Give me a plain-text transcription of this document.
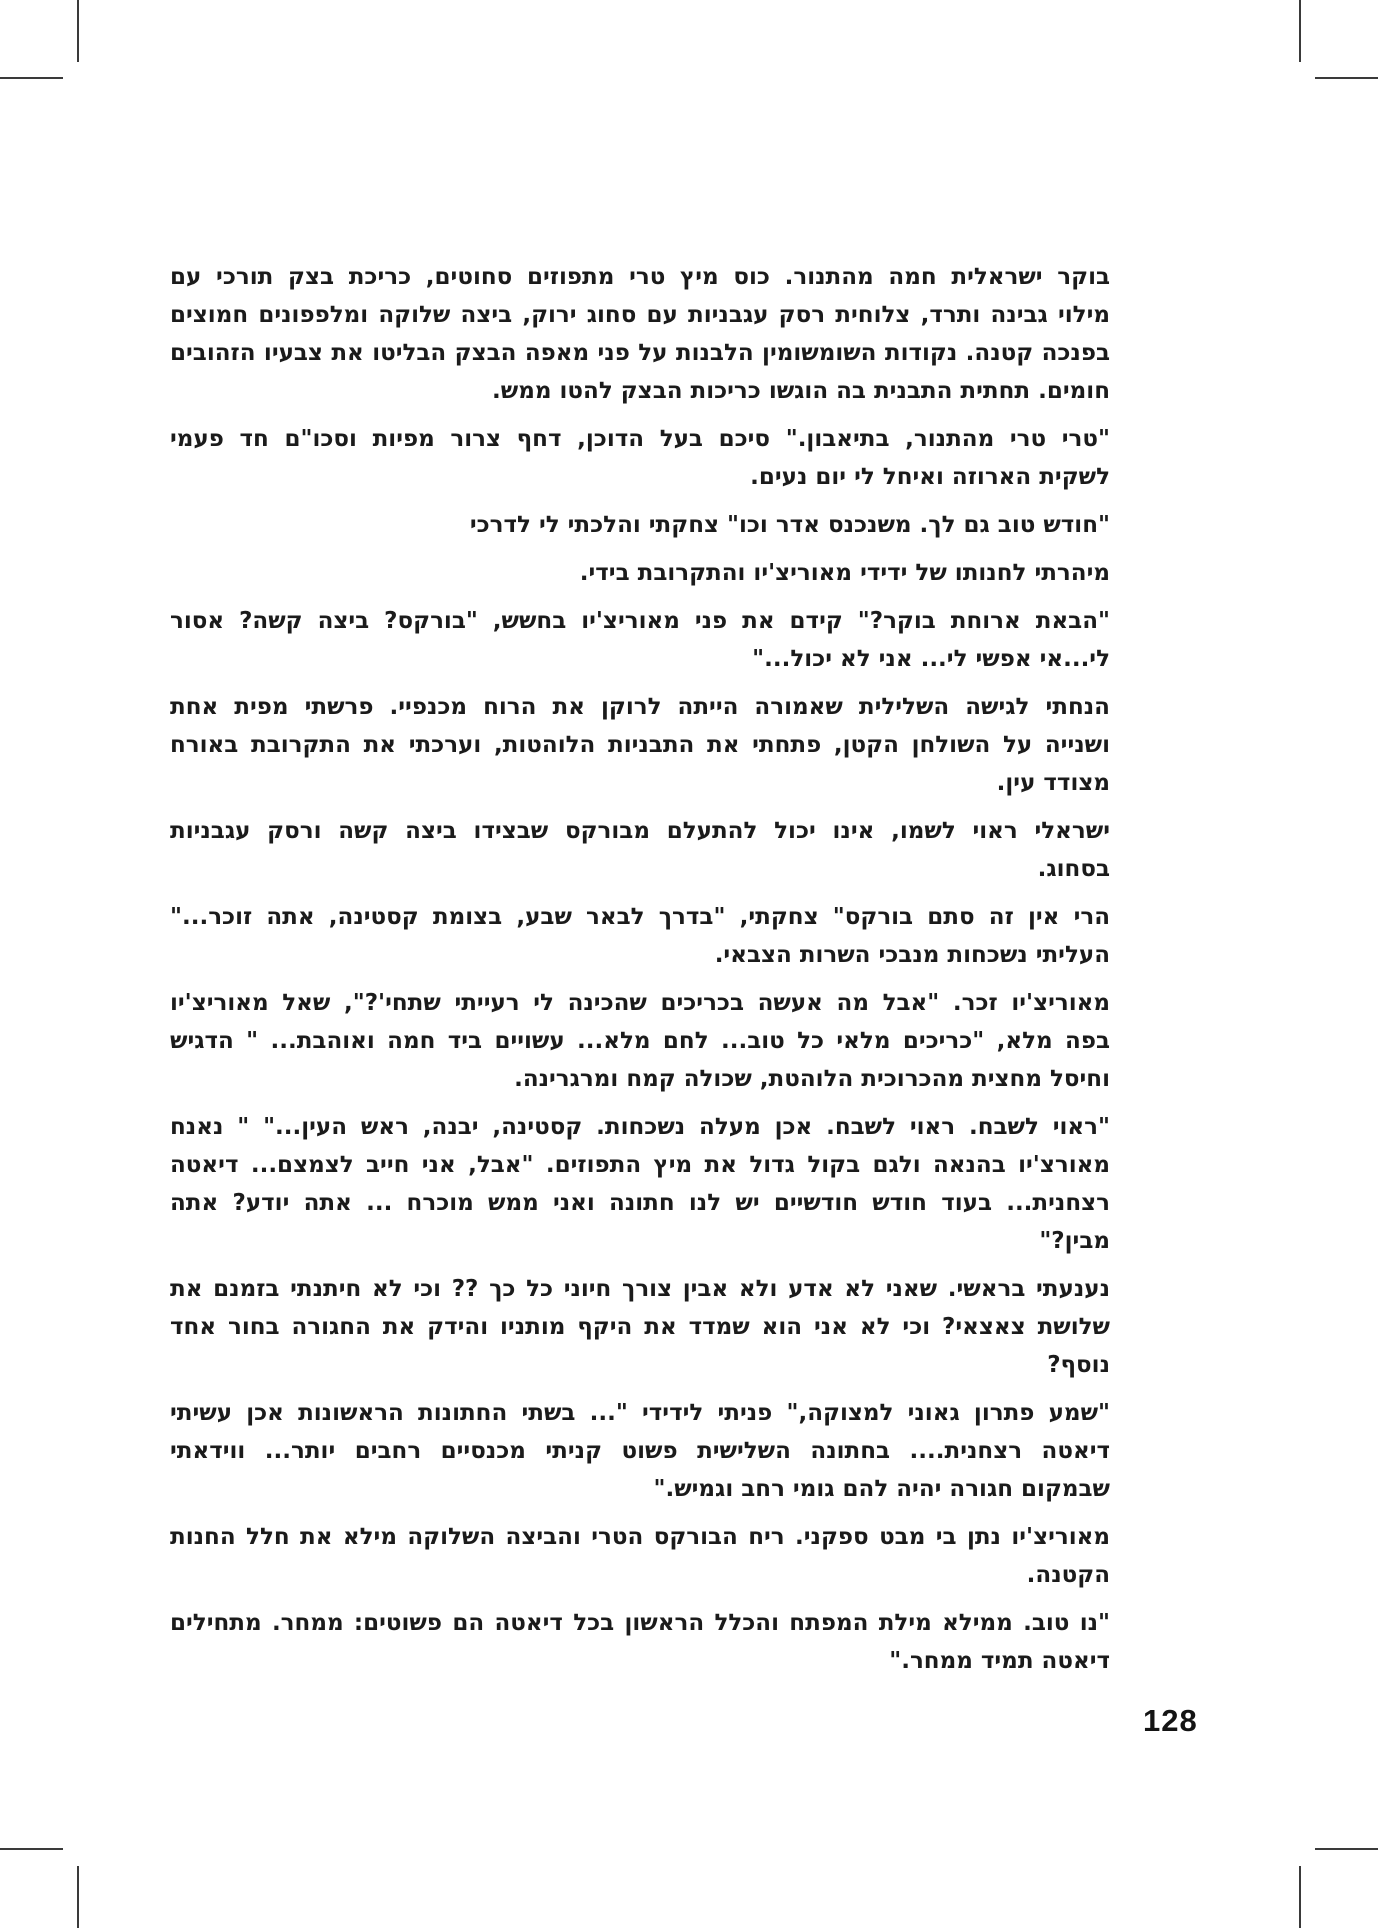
בוקר ישראלית חמה מהתנור. כוס מיץ טרי מתפוזים סחוטים, כריכת בצק תורכי עם
מילוי גבינה ותרד, צלוחית רסק עגבניות עם סחוג ירוק, ביצה שלוקה ומלפפונים חמוצים
בפנכה קטנה. נקודות השומשומין הלבנות על פני מאפה הבצק הבליטו את צבעיו הזהובים
חומים. תחתית התבנית בה הוגשו כריכות הבצק להטו ממש.
"טרי טרי מהתנור, בתיאבון." סיכם בעל הדוכן, דחף צרור מפיות וסכו"ם חד פעמי
לשקית הארוזה ואיחל לי יום נעים.
"חודש טוב גם לך. משנכנס אדר וכו" צחקתי והלכתי לי לדרכי
מיהרתי לחנותו של ידידי מאוריצ'יו והתקרובת בידי.
"הבאת ארוחת בוקר?" קידם את פני מאוריצ'יו בחשש, "בורקס? ביצה קשה? אסור
לי...אי אפשי לי... אני לא יכול..."
הנחתי לגישה השלילית שאמורה הייתה לרוקן את הרוח מכנפיי. פרשתי מפית אחת
ושנייה על השולחן הקטן, פתחתי את התבניות הלוהטות, וערכתי את התקרובת באורח
מצודד עין.
ישראלי ראוי לשמו, אינו יכול להתעלם מבורקס שבצידו ביצה קשה ורסק עגבניות
בסחוג.
הרי אין זה סתם בורקס" צחקתי, "בדרך לבאר שבע, בצומת קסטינה, אתה זוכר..."
העליתי נשכחות מנבכי השרות הצבאי.
מאוריצ'יו זכר. "אבל מה אעשה בכריכים שהכינה לי רעייתי שתחי'?", שאל מאוריצ'יו
בפה מלא, "כריכים מלאי כל טוב... לחם מלא... עשויים ביד חמה ואוהבת... " הדגיש
וחיסל מחצית מהכרוכית הלוהטת, שכולה קמח ומרגרינה.
"ראוי לשבח. ראוי לשבח. אכן מעלה נשכחות. קסטינה, יבנה, ראש העין..." " נאנח
מאורצ'יו בהנאה ולגם בקול גדול את מיץ התפוזים. "אבל, אני חייב לצמצם... דיאטה
רצחנית... בעוד חודש חודשיים יש לנו חתונה ואני ממש מוכרח ... אתה יודע? אתה
מבין?"
נענעתי בראשי. שאני לא אדע ולא אבין צורך חיוני כל כך ?? וכי לא חיתנתי בזמנם את
שלושת צאצאי? וכי לא אני הוא שמדד את היקף מותניו והידק את החגורה בחור אחד
נוסף?
"שמע פתרון גאוני למצוקה," פניתי לידידי "... בשתי החתונות הראשונות אכן עשיתי
דיאטה רצחנית.... בחתונה השלישית פשוט קניתי מכנסיים רחבים יותר... ווידאתי
שבמקום חגורה יהיה להם גומי רחב וגמיש."
מאוריצ'יו נתן בי מבט ספקני. ריח הבורקס הטרי והביצה השלוקה מילא את חלל החנות
הקטנה.
"נו טוב. ממילא מילת המפתח והכלל הראשון בכל דיאטה הם פשוטים: ממחר. מתחילים
דיאטה תמיד ממחר."
128
